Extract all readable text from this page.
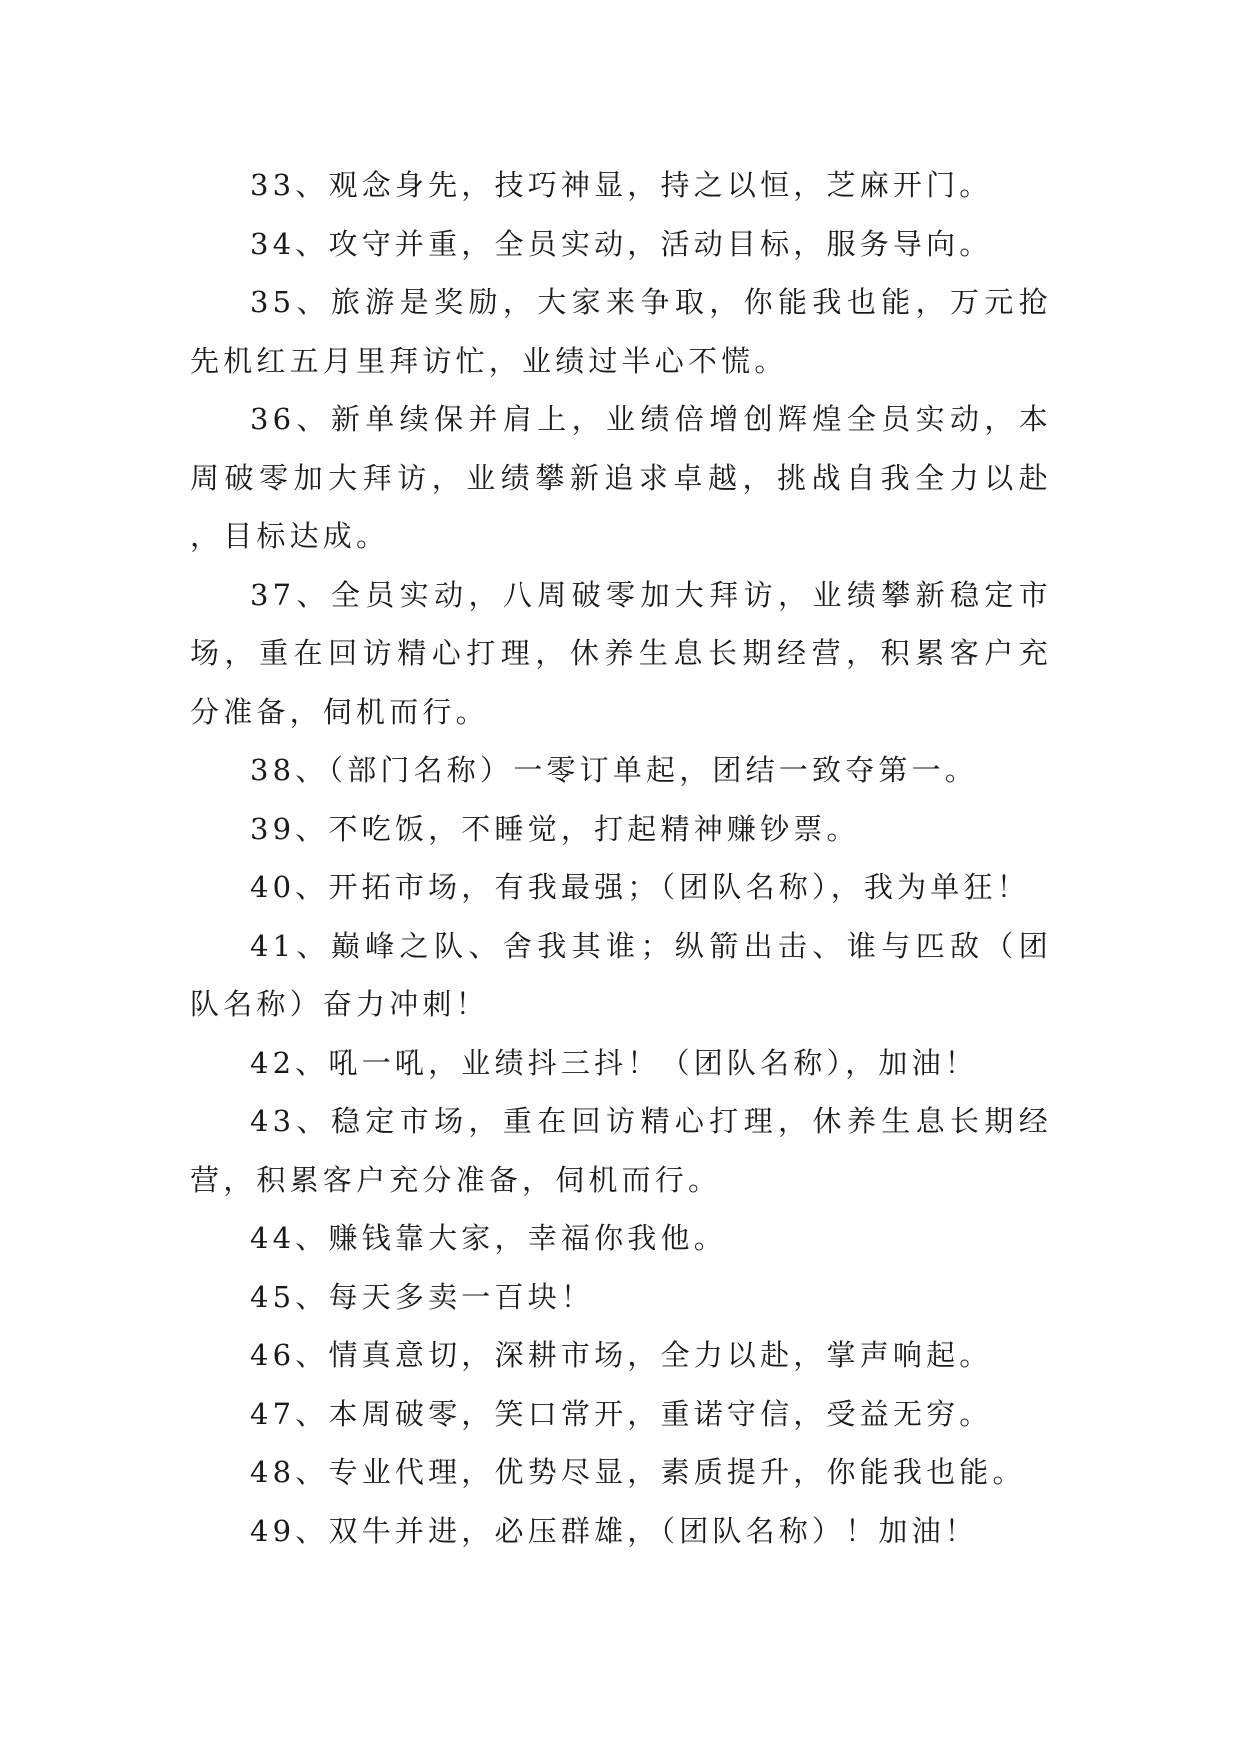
33、观念身先，技巧神显，持之以恒，芝麻开门。

34、攻守并重，全员实动，活动目标，服务导向。

35、旅游是奖励，大家来争取，你能我也能，万元抢先机红五月里拜访忙，业绩过半心不慌。

36、新单续保并肩上，业绩倍增创辉煌全员实动，本周破零加大拜访，业绩攀新追求卓越，挑战自我全力以赴，目标达成。

37、全员实动，八周破零加大拜访，业绩攀新稳定市场，重在回访精心打理，休养生息长期经营，积累客户充分准备，伺机而行。

38、（部门名称）一零订单起，团结一致夺第一。

39、不吃饭，不睡觉，打起精神赚钞票。

40、开拓市场，有我最强；（团队名称），我为单狂！

41、巅峰之队、舍我其谁；纵箭出击、谁与匹敌（团队名称）奋力冲刺！

42、吼一吼，业绩抖三抖！（团队名称），加油！

43、稳定市场，重在回访精心打理，休养生息长期经营，积累客户充分准备，伺机而行。

44、赚钱靠大家，幸福你我他。

45、每天多卖一百块！

46、情真意切，深耕市场，全力以赴，掌声响起。

47、本周破零，笑口常开，重诺守信，受益无穷。

48、专业代理，优势尽显，素质提升，你能我也能。

49、双牛并进，必压群雄，（团队名称）！加油！
